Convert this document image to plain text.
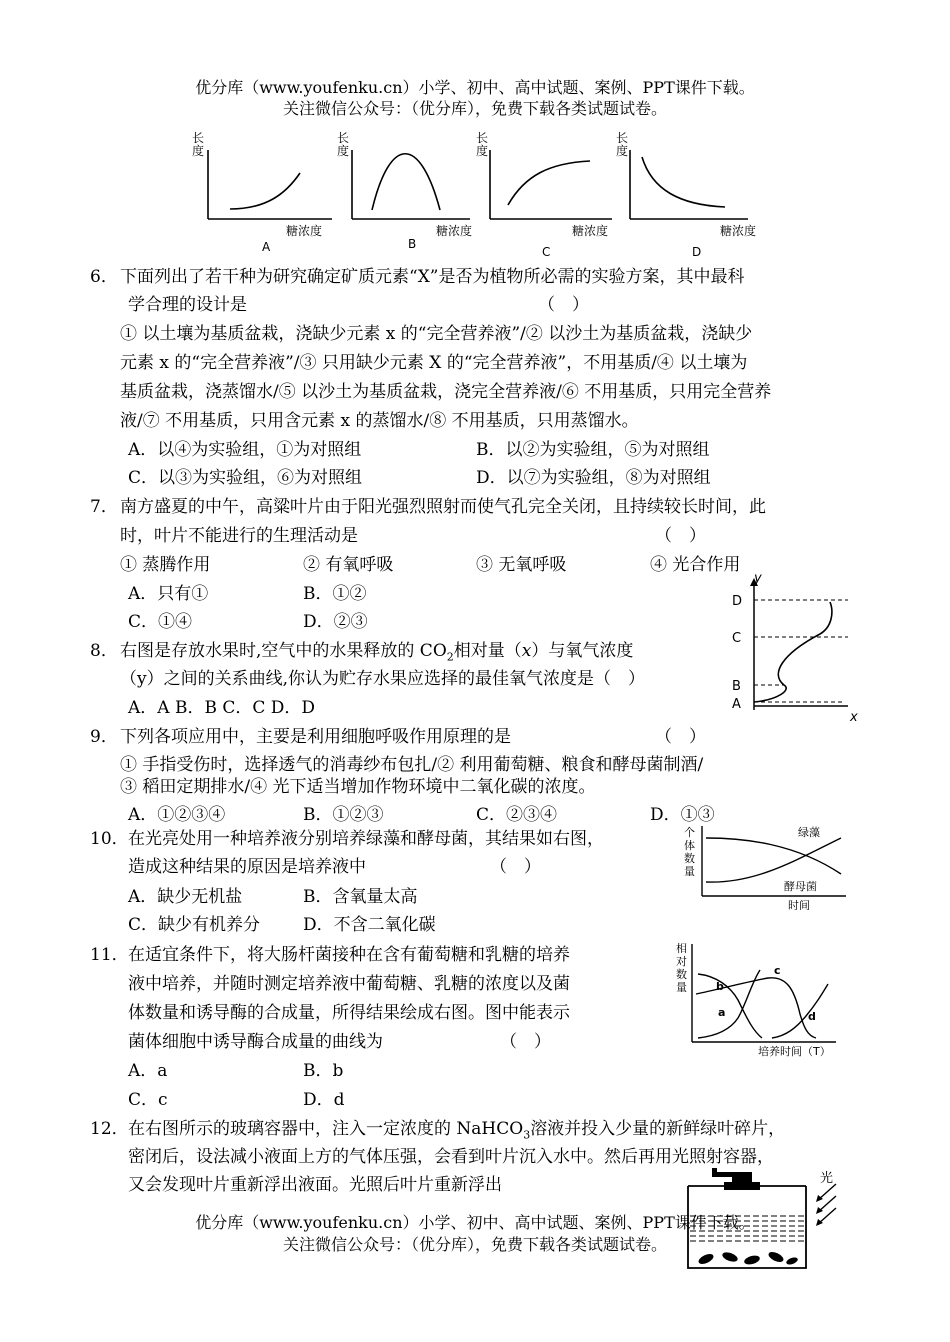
优分库（www.youfenku.cn）小学、初中、高中试题、案例、PPT课件下载。
关注微信公众号：（优分库），免费下载各类试题试卷。
长
度
糖浓度
A
长
度
糖浓度
B
长
度
糖浓度
C
长
度
糖浓度
D
6． 下面列出了若干种为研究确定矿质元素“X”是否为植物所必需的实验方案，其中最科
学合理的设计是	（　）
① 以土壤为基质盆栽，浇缺少元素 x 的“完全营养液”/② 以沙土为基质盆栽，浇缺少
元素 x 的“完全营养液”/③ 只用缺少元素 X 的“完全营养液”，不用基质/④ 以土壤为
基质盆栽，浇蒸馏水/⑤ 以沙土为基质盆栽，浇完全营养液/⑥ 不用基质，只用完全营养
液/⑦ 不用基质，只用含元素 x 的蒸馏水/⑧ 不用基质，只用蒸馏水。
A．以④为实验组，①为对照组	B．以②为实验组，⑤为对照组
C．以③为实验组，⑥为对照组	D．以⑦为实验组，⑧为对照组
7． 南方盛夏的中午，高粱叶片由于阳光强烈照射而使气孔完全关闭，且持续较长时间，此
时，叶片不能进行的生理活动是	（　）
① 蒸腾作用	② 有氧呼吸	③ 无氧呼吸	④ 光合作用
A．只有①	B．①②
C．①④	D．②③
y
x
D
C
B
A
8． 右图是存放水果时,空气中的水果释放的 $CO_2$相对量（x）与氧气浓度
（y）之间的关系曲线,你认为贮存水果应选择的最佳氧气浓度是（　）
A．A B．B C．C D．D
9． 下列各项应用中，主要是利用细胞呼吸作用原理的是	（　）
① 手指受伤时，选择透气的消毒纱布包扎/② 利用葡萄糖、粮食和酵母菌制酒/
③ 稻田定期排水/④ 光下适当增加作物环境中二氧化碳的浓度。
A．①②③④	B．①②③	C．②③④	D．①③
个
体
数
量
绿藻
酵母菌
时间
10． 在光亮处用一种培养液分别培养绿藻和酵母菌，其结果如右图，
造成这种结果的原因是培养液中	（　）
A．缺少无机盐	B．含氧量太高
C．缺少有机养分	D．不含二氧化碳
相
对
数
量
a
b
c
d
培养时间（T）
11． 在适宜条件下，将大肠杆菌接种在含有葡萄糖和乳糖的培养
液中培养，并随时测定培养液中葡萄糖、乳糖的浓度以及菌
体数量和诱导酶的合成量，所得结果绘成右图。图中能表示
菌体细胞中诱导酶合成量的曲线为	（　）
A．a	B．b
C．c	D．d
12． 在右图所示的玻璃容器中，注入一定浓度的 NaHCO$_3$溶液并投入少量的新鲜绿叶碎片，
密闭后，设法减小液面上方的气体压强，会看到叶片沉入水中。然后再用光照射容器，
又会发现叶片重新浮出液面。光照后叶片重新浮出	光
优分库（www.youfenku.cn）小学、初中、高中试题、案例、PPT课件下载。
关注微信公众号：（优分库），免费下载各类试题试卷。
